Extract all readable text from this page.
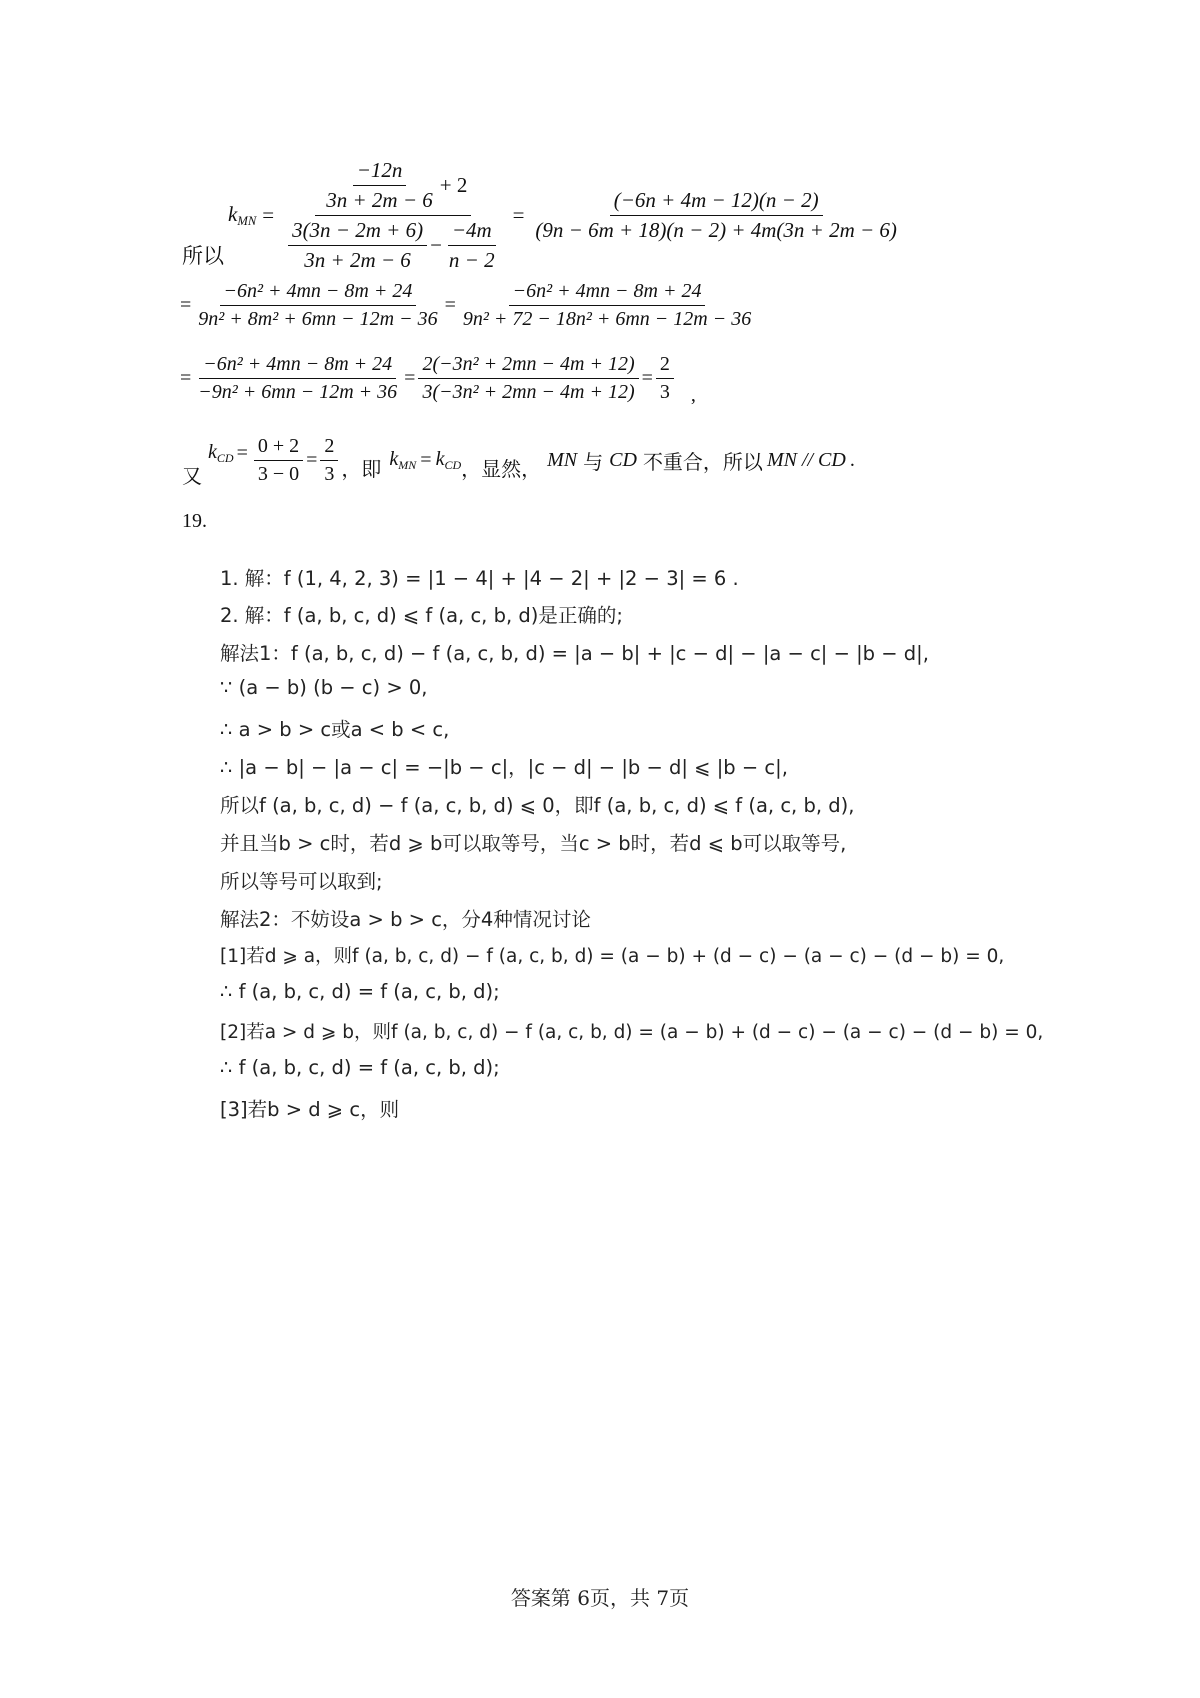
$k_{MN}$ =
$\frac{-12n}{3n + 2m - 6} + 2$
$\frac{3(3n - 2m + 6)}{3n + 2m - 6} - \frac{-4m}{n - 2}$
= $\frac{(-6n + 4m - 12)(n - 2)}{(9n - 6m + 18)(n - 2) + 4m(3n + 2m - 6)}$
所以
= $\frac{\text{−6n² + 4mn − 8m + 24}}{\text{9n² + 8m² + 6mn − 12m − 36}} = \frac{\text{−6n² + 4mn − 8m + 24}}{\text{9n² + 72 − 18n² + 6mn − 12m − 36}}$
= $\frac{\text{−6n² + 4mn − 8m + 24}}{\text{−9n² + 6mn − 12m + 36}} = \frac{\text{2(−3n² + 2mn − 4m + 12)}}{\text{3(−3n² + 2mn − 4m + 12)}} = \frac{2}{3}$ ,
又
$k_{CD} = \frac{0 + 2}{3 - 0} = \frac{2}{3}$ ，即 $k_{MN} = k_{CD}$ ，显然， MN 与 CD 不重合，所以 MN // CD .
19.
1. 解：f (1, 4, 2, 3) = |1 − 4| + |4 − 2| + |2 − 3| = 6 .
2. 解：f (a, b, c, d) ⩽ f (a, c, b, d)是正确的;
解法1：f (a, b, c, d) − f (a, c, b, d) = |a − b| + |c − d| − |a − c| − |b − d|,
∵ (a − b) (b − c) > 0,
∴ a > b > c或a < b < c,
∴ |a − b| − |a − c| = −|b − c|，|c − d| − |b − d| ⩽ |b − c|,
所以f (a, b, c, d) − f (a, c, b, d) ⩽ 0，即f (a, b, c, d) ⩽ f (a, c, b, d),
并且当b > c时，若d ⩾ b可以取等号，当c > b时，若d ⩽ b可以取等号,
所以等号可以取到;
解法2：不妨设a > b > c，分4种情况讨论
[1]若d ⩾ a，则f (a, b, c, d) − f (a, c, b, d) = (a − b) + (d − c) − (a − c) − (d − b) = 0,
∴ f (a, b, c, d) = f (a, c, b, d);
[2]若a > d ⩾ b，则f (a, b, c, d) − f (a, c, b, d) = (a − b) + (d − c) − (a − c) − (d − b) = 0,
∴ f (a, b, c, d) = f (a, c, b, d);
[3]若b > d ⩾ c，则
答案第 6页，共 7页
